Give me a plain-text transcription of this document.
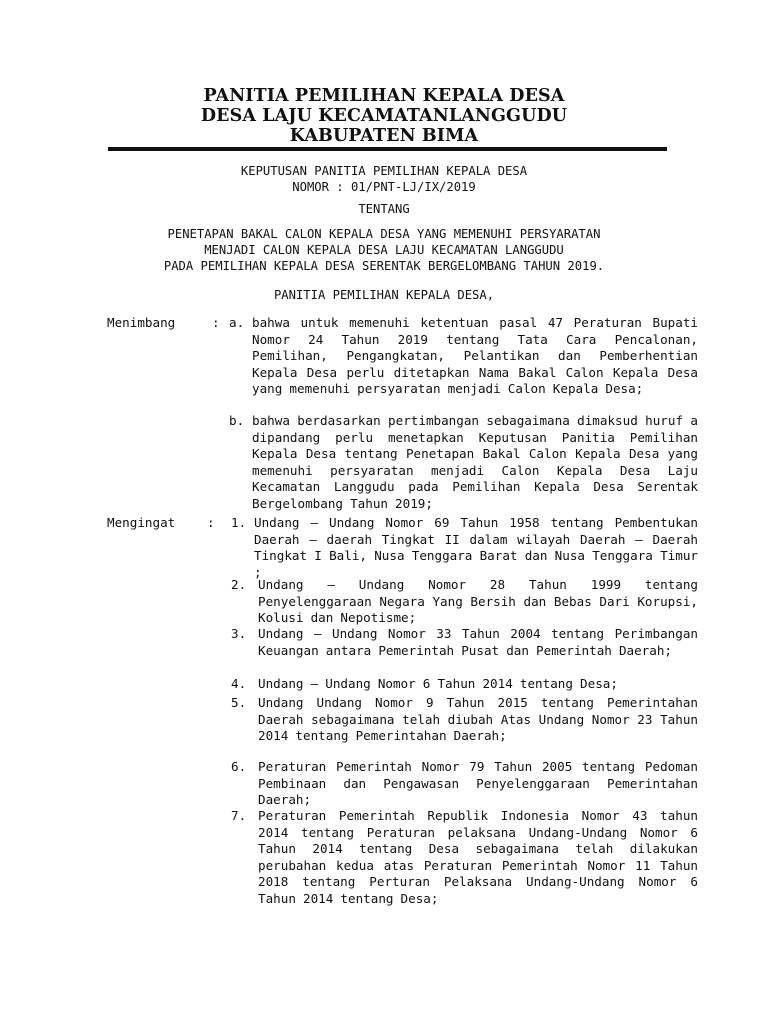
PANITIA PEMILIHAN KEPALA DESA
DESA LAJU KECAMATANLANGGUDU
KABUPATEN BIMA
KEPUTUSAN PANITIA PEMILIHAN KEPALA DESA
NOMOR : 01/PNT-LJ/IX/2019
TENTANG
PENETAPAN BAKAL CALON KEPALA DESA YANG MEMENUHI PERSYARATAN
MENJADI CALON KEPALA DESA LAJU KECAMATAN LANGGUDU
PADA PEMILIHAN KEPALA DESA SERENTAK BERGELOMBANG TAHUN 2019.
PANITIA PEMILIHAN KEPALA DESA,
Menimbang	: a. bahwa untuk memenuhi ketentuan pasal 47 Peraturan Bupati Nomor 24 Tahun 2019 tentang Tata Cara Pencalonan, Pemilihan, Pengangkatan, Pelantikan dan Pemberhentian Kepala Desa perlu ditetapkan Nama Bakal Calon Kepala Desa yang memenuhi persyaratan menjadi Calon Kepala Desa;
b. bahwa berdasarkan pertimbangan sebagaimana dimaksud huruf a dipandang perlu menetapkan Keputusan Panitia Pemilihan Kepala Desa tentang Penetapan Bakal Calon Kepala Desa yang memenuhi persyaratan menjadi Calon Kepala Desa Laju Kecamatan Langgudu pada Pemilihan Kepala Desa Serentak Bergelombang Tahun 2019;
Mengingat	: 1. Undang – Undang Nomor 69 Tahun 1958 tentang Pembentukan Daerah – daerah Tingkat II dalam wilayah Daerah – Daerah Tingkat I Bali, Nusa Tenggara Barat dan Nusa Tenggara Timur ;
2. Undang – Undang Nomor 28 Tahun 1999 tentang Penyelenggaraan Negara Yang Bersih dan Bebas Dari Korupsi, Kolusi dan Nepotisme;
3. Undang – Undang Nomor 33 Tahun 2004 tentang Perimbangan Keuangan antara Pemerintah Pusat dan Pemerintah Daerah;
4. Undang – Undang Nomor 6 Tahun 2014 tentang Desa;
5. Undang Undang Nomor 9 Tahun 2015 tentang Pemerintahan Daerah sebagaimana telah diubah Atas Undang Nomor 23 Tahun 2014 tentang Pemerintahan Daerah;
6. Peraturan Pemerintah Nomor 79 Tahun 2005 tentang Pedoman Pembinaan dan Pengawasan Penyelenggaraan Pemerintahan Daerah;
7. Peraturan Pemerintah Republik Indonesia Nomor 43 tahun 2014 tentang Peraturan pelaksana Undang-Undang Nomor 6 Tahun 2014 tentang Desa sebagaimana telah dilakukan perubahan kedua atas Peraturan Pemerintah Nomor 11 Tahun 2018 tentang Perturan Pelaksana Undang-Undang Nomor 6 Tahun 2014 tentang Desa;
